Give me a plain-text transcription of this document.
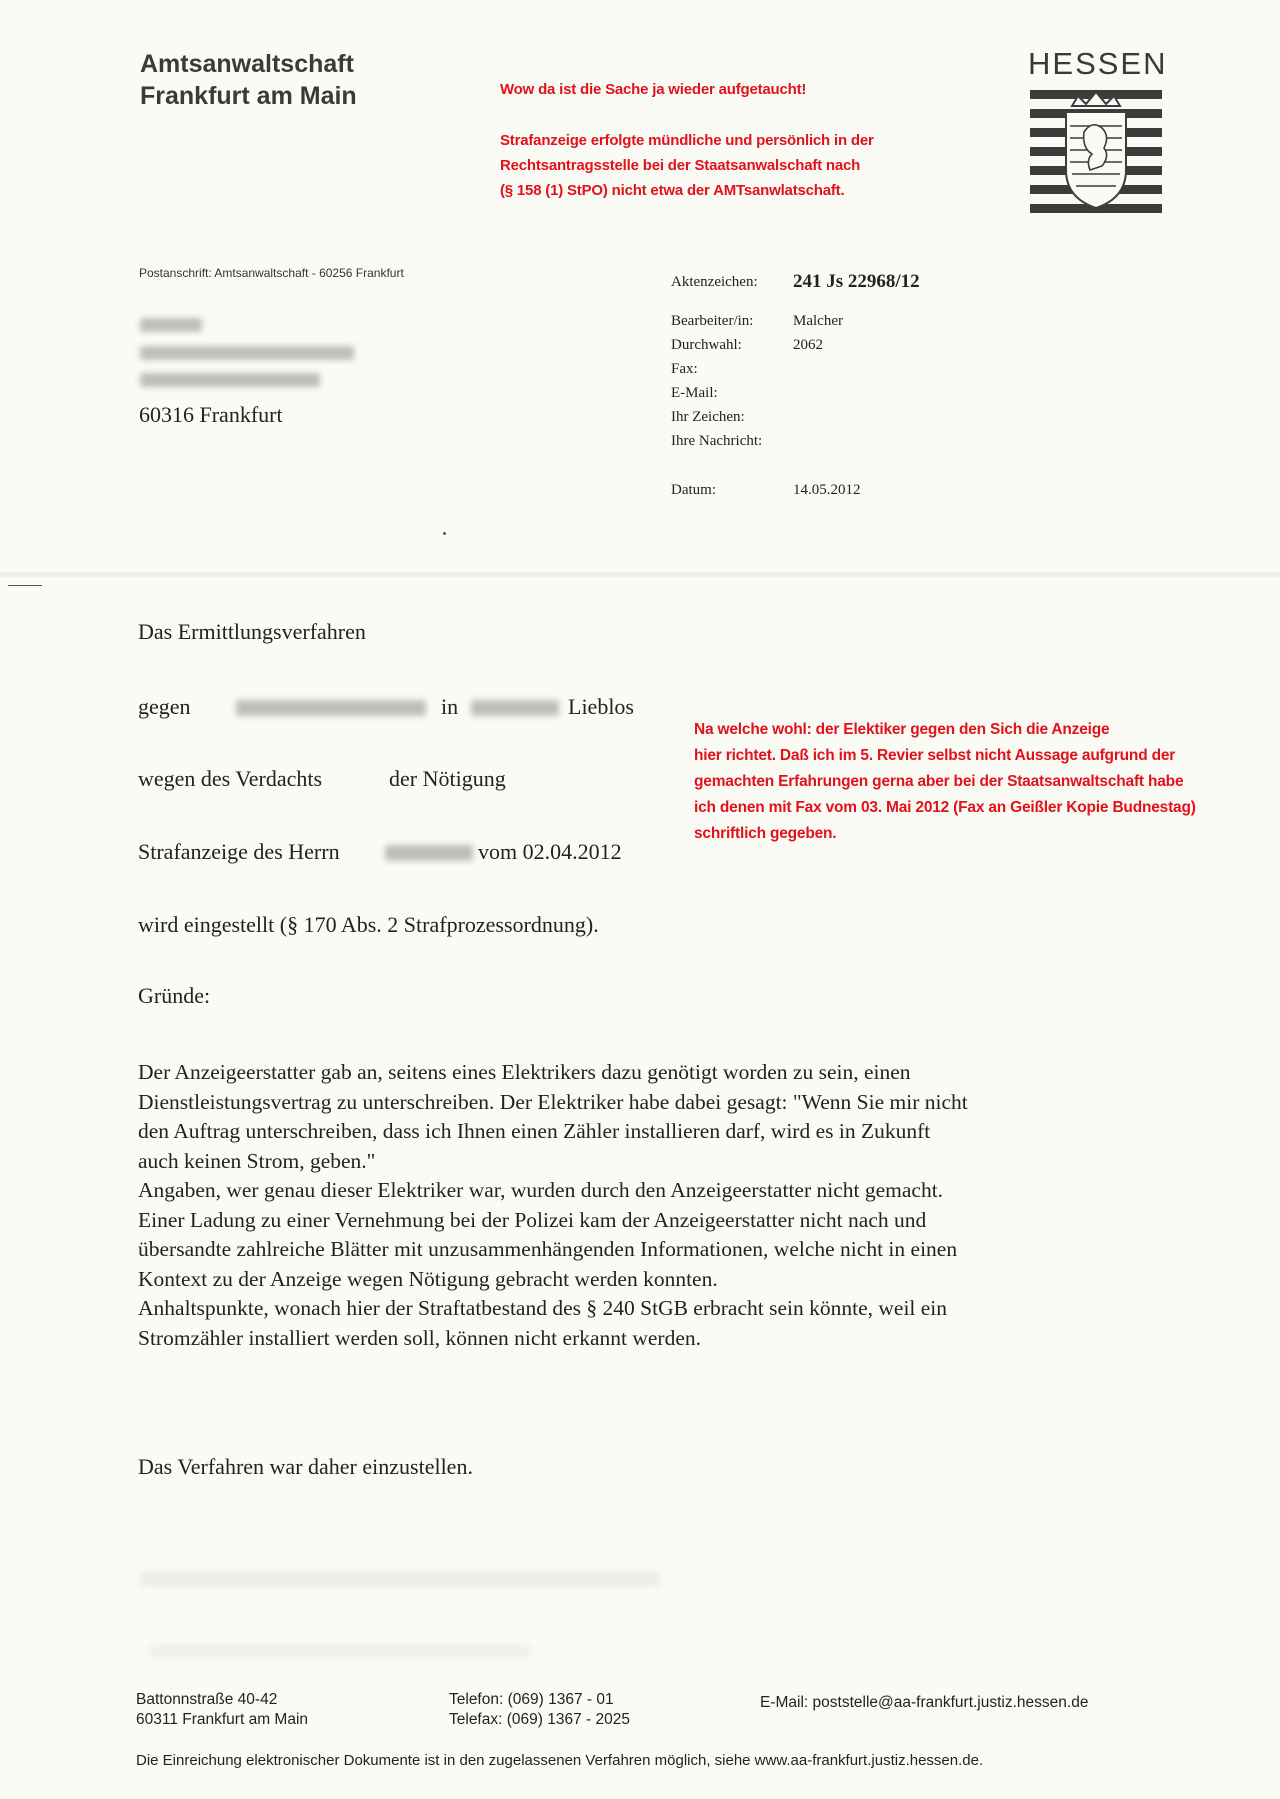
Amtsanwaltschaft
Frankfurt am Main	Wow da ist die Sache ja wieder aufgetaucht!
Strafanzeige erfolgte mündliche und persönlich in der
Rechtsantragsstelle bei der Staatsanwalschaft nach
(§ 158 (1) StPO) nicht etwa der AMTsanwlatschaft.
HESSEN
Postanschrift: Amtsanwaltschaft - 60256 Frankfurt
60316 Frankfurt
Aktenzeichen: 241 Js 22968/12
Bearbeiter/in:	Malcher
Durchwahl:	2062
Fax:
E-Mail:
Ihr Zeichen:
Ihre Nachricht:
Datum:	14.05.2012
Das Ermittlungsverfahren
gegen	in	Lieblos
wegen des Verdachts	der Nötigung
Strafanzeige des Herrn	vom 02.04.2012
Na welche wohl: der Elektiker gegen den Sich die Anzeige
hier richtet. Daß ich im 5. Revier selbst nicht Aussage aufgrund der
gemachten Erfahrungen gerna aber bei der Staatsanwaltschaft habe
ich denen mit Fax vom 03. Mai 2012 (Fax an Geißler Kopie Budnestag)
schriftlich gegeben.
wird eingestellt (§ 170 Abs. 2 Strafprozessordnung).
Gründe:
Der Anzeigeerstatter gab an, seitens eines Elektrikers dazu genötigt worden zu sein, einen
Dienstleistungsvertrag zu unterschreiben. Der Elektriker habe dabei gesagt: "Wenn Sie mir nicht
den Auftrag unterschreiben, dass ich Ihnen einen Zähler installieren darf, wird es in Zukunft
auch keinen Strom, geben."
Angaben, wer genau dieser Elektriker war, wurden durch den Anzeigeerstatter nicht gemacht.
Einer Ladung zu einer Vernehmung bei der Polizei kam der Anzeigeerstatter nicht nach und
übersandte zahlreiche Blätter mit unzusammenhängenden Informationen, welche nicht in einen
Kontext zu der Anzeige wegen Nötigung gebracht werden konnten.
Anhaltspunkte, wonach hier der Straftatbestand des § 240 StGB erbracht sein könnte, weil ein
Stromzähler installiert werden soll, können nicht erkannt werden.
Das Verfahren war daher einzustellen.
Battonnstraße 40-42
60311 Frankfurt am Main
Telefon: (069) 1367 - 01
Telefax: (069) 1367 - 2025
E-Mail: poststelle@aa-frankfurt.justiz.hessen.de
Die Einreichung elektronischer Dokumente ist in den zugelassenen Verfahren möglich, siehe www.aa-frankfurt.justiz.hessen.de.
